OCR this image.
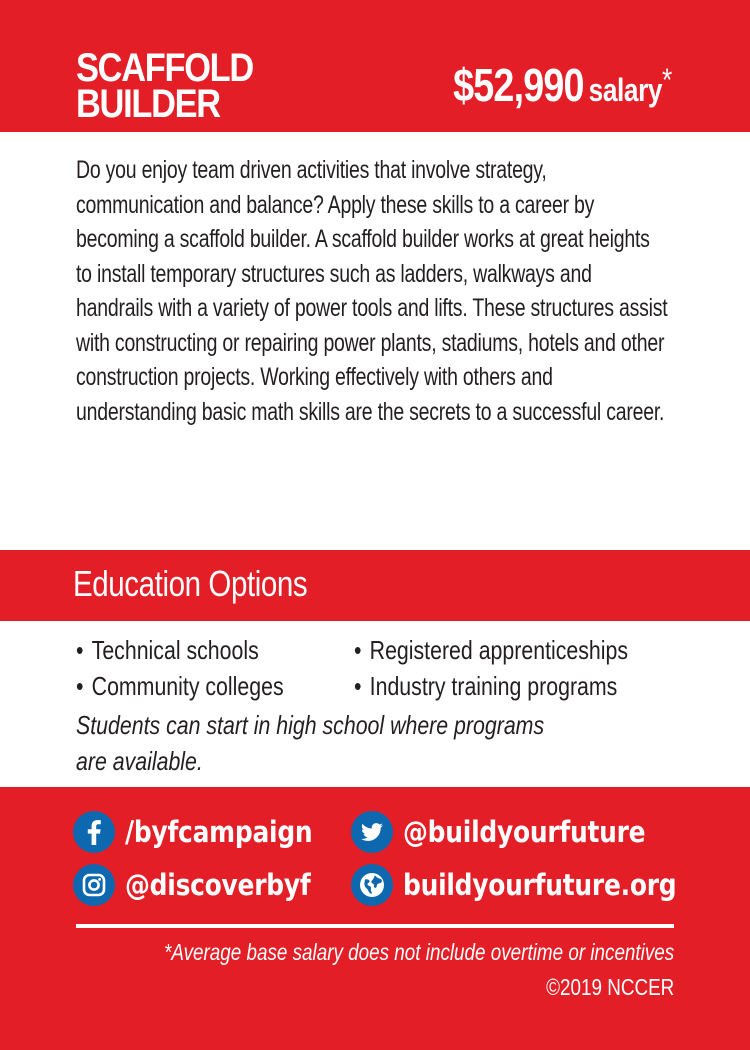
SCAFFOLD
BUILDER	$52,990 salary*

Do you enjoy team driven activities that involve strategy, communication and balance? Apply these skills to a career by becoming a scaffold builder. A scaffold builder works at great heights to install temporary structures such as ladders, walkways and handrails with a variety of power tools and lifts. These structures assist with constructing or repairing power plants, stadiums, hotels and other construction projects. Working effectively with others and understanding basic math skills are the secrets to a successful career.

Education Options
• Technical schools
• Community colleges
• Registered apprenticeships
• Industry training programs

Students can start in high school where programs
are available.

/byfcampaign	@buildyourfuture
@discoverbyf	buildyourfuture.org

*Average base salary does not include overtime or incentives

©2019 NCCER
